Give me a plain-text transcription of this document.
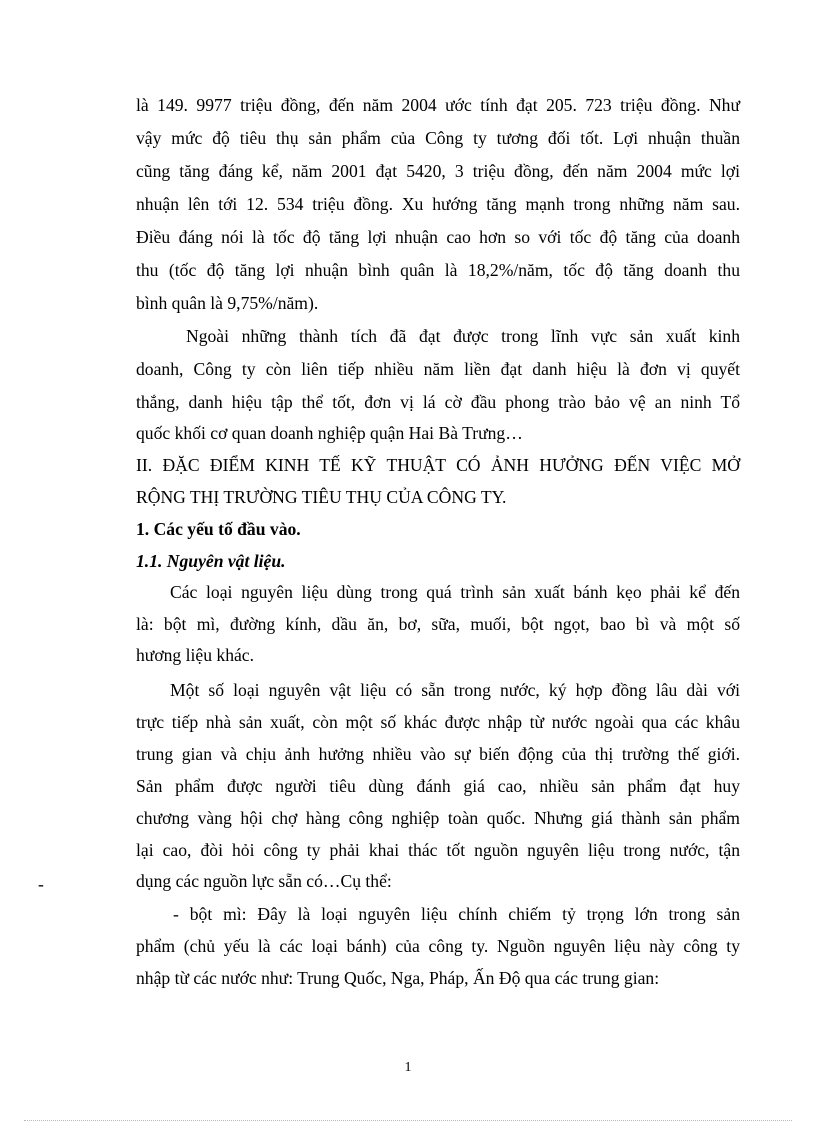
là 149. 9977 triệu đồng, đến năm 2004 ước tính đạt 205. 723 triệu đồng. Như
vậy mức độ tiêu thụ sản phẩm của Công ty tương đối tốt. Lợi nhuận thuần
cũng tăng đáng kể, năm 2001 đạt 5420, 3 triệu đồng, đến năm 2004 mức lợi
nhuận lên tới 12. 534 triệu đồng. Xu hướng tăng mạnh trong những năm sau.
Điều đáng nói là tốc độ tăng lợi nhuận cao hơn so với tốc độ tăng của doanh
thu (tốc độ tăng lợi nhuận bình quân là 18,2%/năm, tốc độ tăng doanh thu
bình quân là 9,75%/năm).
Ngoài những thành tích đã đạt được trong lĩnh vực sản xuất kinh
doanh, Công ty còn liên tiếp nhiều năm liền đạt danh hiệu là đơn vị quyết
thắng, danh hiệu tập thể tốt, đơn vị lá cờ đầu phong trào bảo vệ an ninh Tổ
quốc khối cơ quan doanh nghiệp quận Hai Bà Trưng…
II. ĐẶC ĐIỂM KINH TẾ KỸ THUẬT CÓ ẢNH HƯỞNG ĐẾN VIỆC MỞ
RỘNG THỊ TRƯỜNG TIÊU THỤ CỦA CÔNG TY.
1. Các yếu tố đầu vào.
1.1. Nguyên vật liệu.
Các loại nguyên liệu dùng trong quá trình sản xuất bánh kẹo phải kể đến
là: bột mì, đường kính, dầu ăn, bơ, sữa, muối, bột ngọt, bao bì và một số
hương liệu khác.
Một số loại nguyên vật liệu có sẵn trong nước, ký hợp đồng lâu dài với
trực tiếp nhà sản xuất, còn một số khác được nhập từ nước ngoài qua các khâu
trung gian và chịu ảnh hưởng nhiều vào sự biến động của thị trường thế giới.
Sản phẩm được người tiêu dùng đánh giá cao, nhiều sản phẩm đạt huy
chương vàng hội chợ hàng công nghiệp toàn quốc. Nhưng giá thành sản phẩm
lại cao, đòi hỏi công ty phải khai thác tốt nguồn nguyên liệu trong nước, tận
dụng các nguồn lực sẵn có…Cụ thể:
-
- bột mì: Đây là loại nguyên liệu chính chiếm tỷ trọng lớn trong sản
phẩm (chủ yếu là các loại bánh) của công ty. Nguồn nguyên liệu này công ty
nhập từ các nước như: Trung Quốc, Nga, Pháp, Ấn Độ qua các trung gian:
1
